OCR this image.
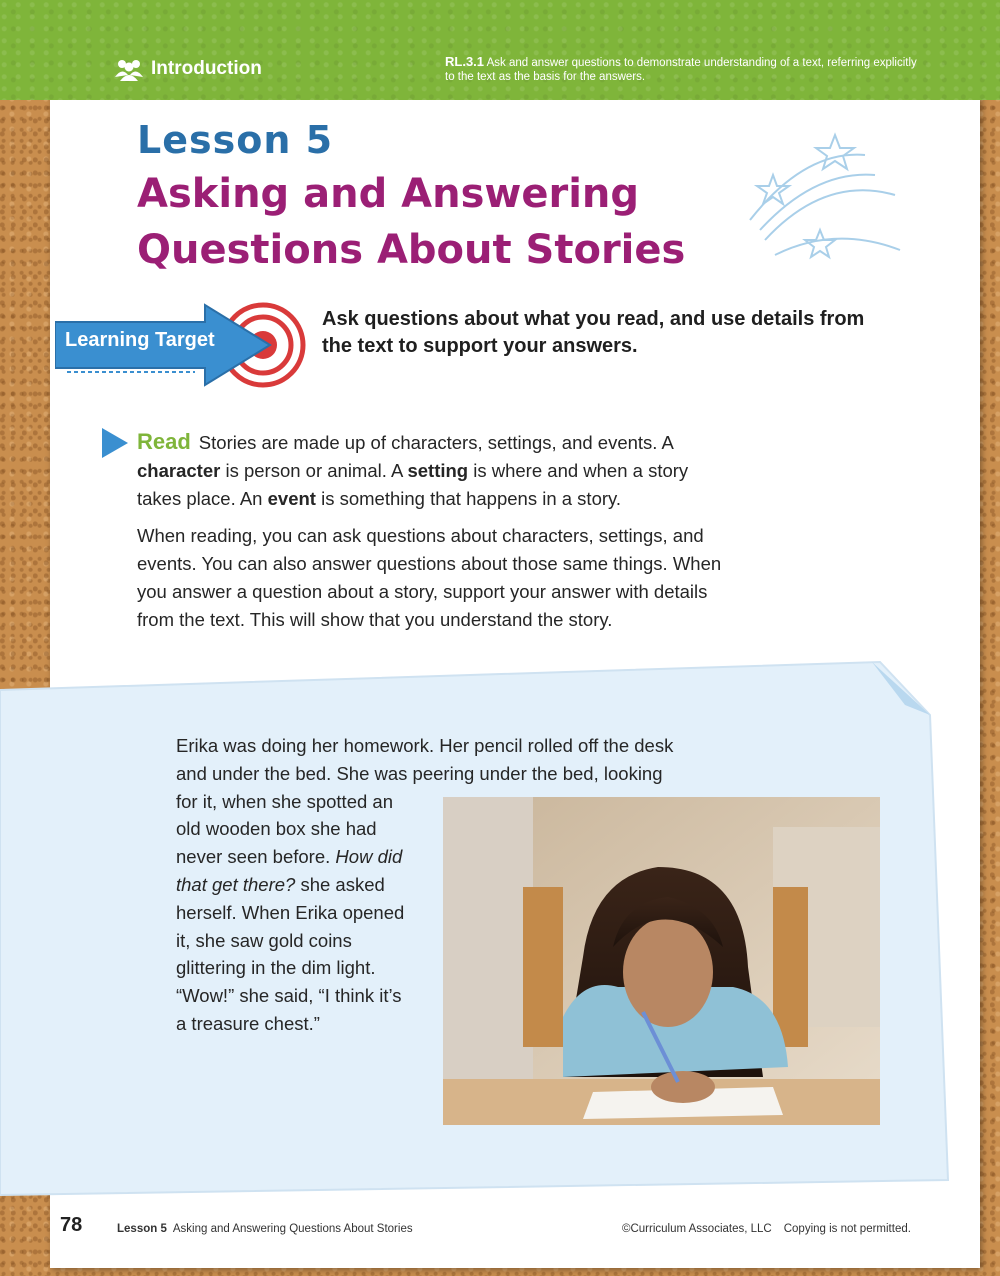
Introduction	RL.3.1 Ask and answer questions to demonstrate understanding of a text, referring explicitly to the text as the basis for the answers.
Lesson 5
Asking and Answering
Questions About Stories
Learning Target
Ask questions about what you read, and use details from the text to support your answers.
Read Stories are made up of characters, settings, and events. A character is person or animal. A setting is where and when a story takes place. An event is something that happens in a story.
When reading, you can ask questions about characters, settings, and events. You can also answer questions about those same things. When you answer a question about a story, support your answer with details from the text. This will show that you understand the story.
Erika was doing her homework. Her pencil rolled off the desk
and under the bed. She was peering under the bed, looking
for it, when she spotted an
old wooden box she had
never seen before. How did
that get there? she asked
herself. When Erika opened
it, she saw gold coins
glittering in the dim light.
“Wow!” she said, “I think it’s
a treasure chest.”
78	Lesson 5 Asking and Answering Questions About Stories	©Curriculum Associates, LLC Copying is not permitted.
